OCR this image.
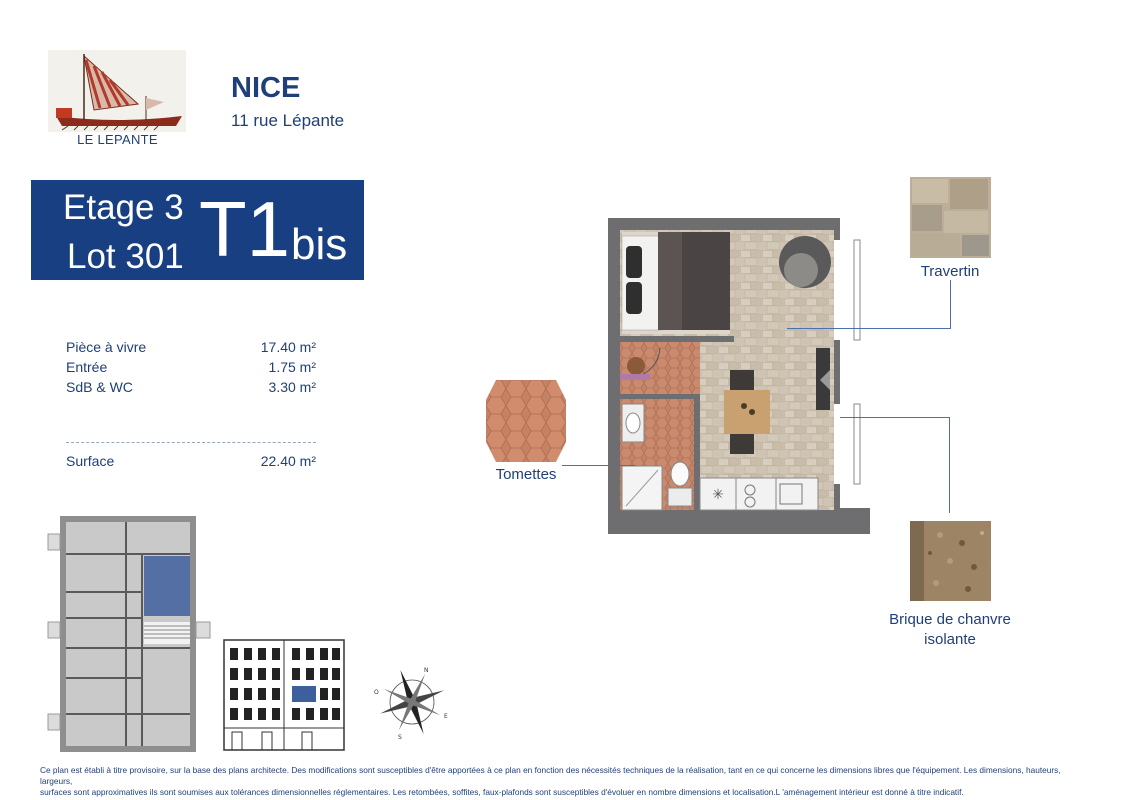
LE LEPANTE
NICE
11 rue Lépante
Etage 3
Lot 301 T1 bis
Pièce à vivre	17.40 m²
Entrée	1.75 m²
SdB & WC	3.30 m²
Surface	22.40 m²
✳
Travertin
Tomettes
Brique de chanvre
isolante
N
S
E
O
Ce plan est établi à titre provisoire, sur la base des plans architecte. Des modifications sont susceptibles d'être apportées à ce plan en fonction des nécessités techniques de la réalisation, tant en ce qui concerne les dimensions libres que l'équipement. Les dimensions, hauteurs, largeurs,
surfaces sont approximatives ils sont soumises aux tolérances dimensionnelles réglementaires. Les retombées, soffites, faux-plafonds sont susceptibles d'évoluer en nombre dimensions et localisation.L 'aménagement intérieur est donné à titre indicatif.
